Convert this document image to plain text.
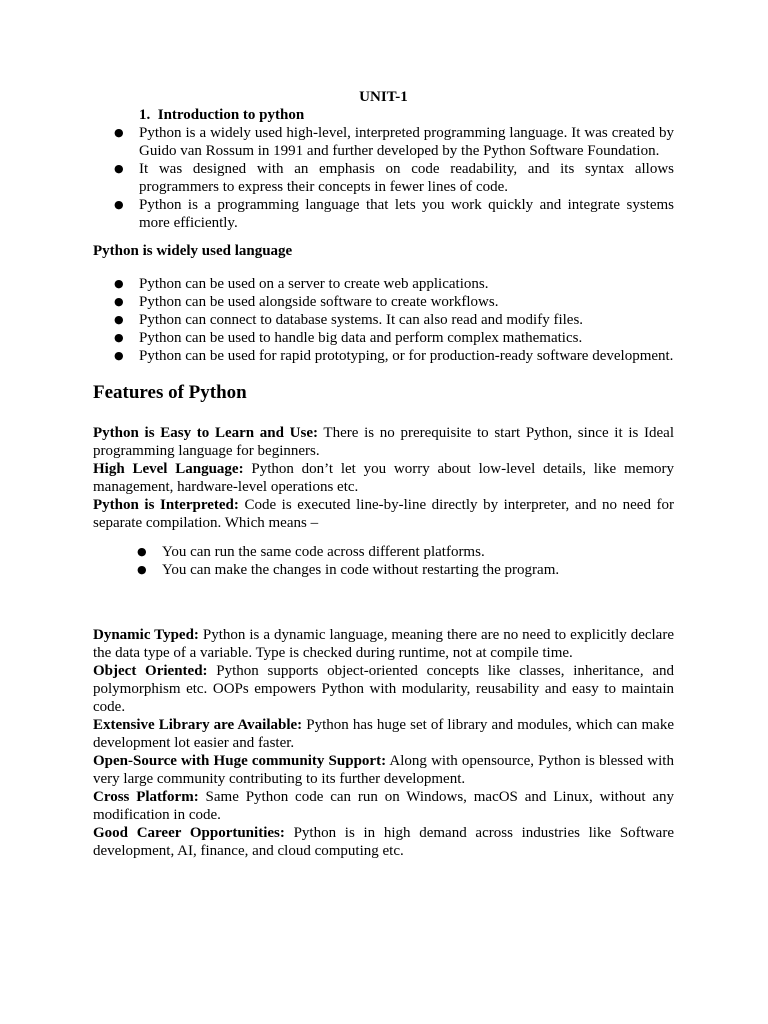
UNIT-1

1. Introduction to python
● Python is a widely used high-level, interpreted programming language. It was created by Guido van Rossum in 1991 and further developed by the Python Software Foundation.
● It was designed with an emphasis on code readability, and its syntax allows programmers to express their concepts in fewer lines of code.
● Python is a programming language that lets you work quickly and integrate systems more efficiently.

Python is widely used language

● Python can be used on a server to create web applications.
● Python can be used alongside software to create workflows.
● Python can connect to database systems. It can also read and modify files.
● Python can be used to handle big data and perform complex mathematics.
● Python can be used for rapid prototyping, or for production-ready software development.
Features of Python

Python is Easy to Learn and Use: There is no prerequisite to start Python, since it is Ideal programming language for beginners.

High Level Language: Python don’t let you worry about low-level details, like memory management, hardware-level operations etc.

Python is Interpreted: Code is executed line-by-line directly by interpreter, and no need for separate compilation. Which means –

● You can run the same code across different platforms.
● You can make the changes in code without restarting the program.

Dynamic Typed: Python is a dynamic language, meaning there are no need to explicitly declare the data type of a variable. Type is checked during runtime, not at compile time.

Object Oriented: Python supports object-oriented concepts like classes, inheritance, and polymorphism etc. OOPs empowers Python with modularity, reusability and easy to maintain code.

Extensive Library are Available: Python has huge set of library and modules, which can make development lot easier and faster.

Open-Source with Huge community Support: Along with opensource, Python is blessed with very large community contributing to its further development.

Cross Platform: Same Python code can run on Windows, macOS and Linux, without any modification in code.

Good Career Opportunities: Python is in high demand across industries like Software development, AI, finance, and cloud computing etc.
